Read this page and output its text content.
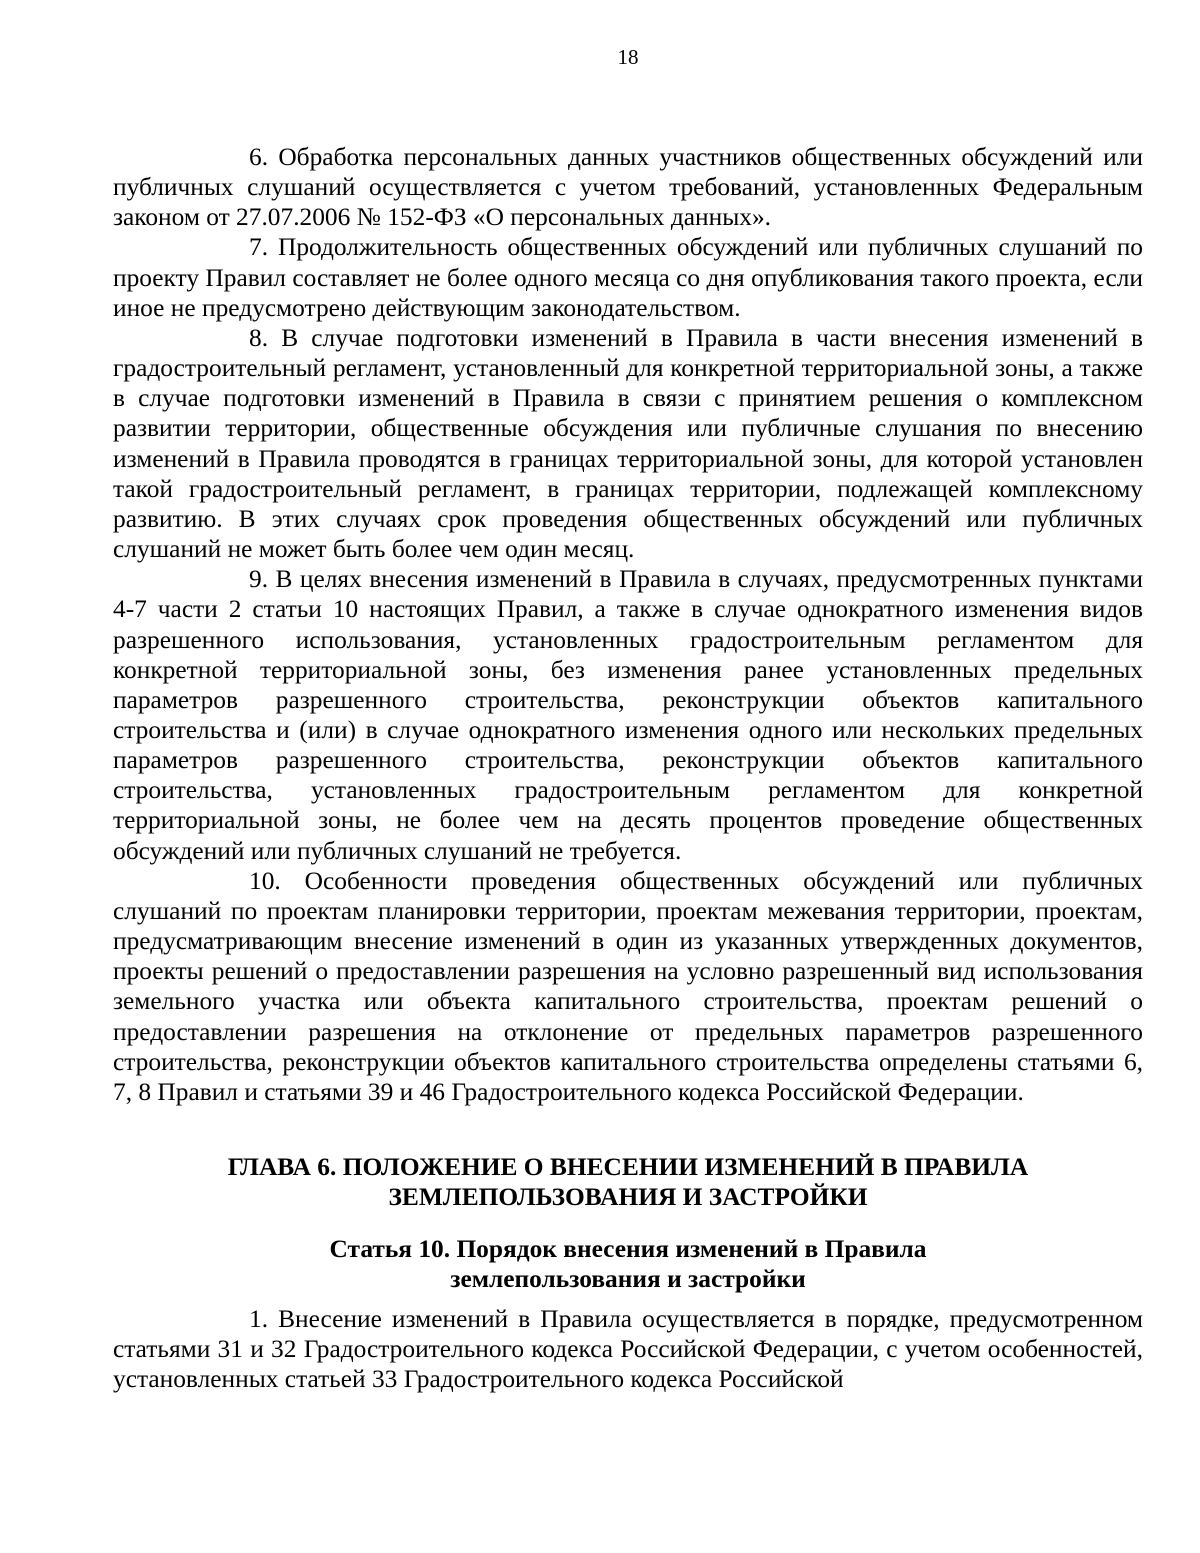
18

6. Обработка персональных данных участников общественных обсуждений или публичных слушаний осуществляется с учетом требований, установленных Федеральным законом от 27.07.2006 № 152-ФЗ «О персональных данных».

7. Продолжительность общественных обсуждений или публичных слушаний по проекту Правил составляет не более одного месяца со дня опубликования такого проекта, если иное не предусмотрено действующим законодательством.

8. В случае подготовки изменений в Правила в части внесения изменений в градостроительный регламент, установленный для конкретной территориальной зоны, а также в случае подготовки изменений в Правила в связи с принятием решения о комплексном развитии территории, общественные обсуждения или публичные слушания по внесению изменений в Правила проводятся в границах территориальной зоны, для которой установлен такой градостроительный регламент, в границах территории, подлежащей комплексному развитию. В этих случаях срок проведения общественных обсуждений или публичных слушаний не может быть более чем один месяц.

9. В целях внесения изменений в Правила в случаях, предусмотренных пунктами 4-7 части 2 статьи 10 настоящих Правил, а также в случае однократного изменения видов разрешенного использования, установленных градостроительным регламентом для конкретной территориальной зоны, без изменения ранее установленных предельных параметров разрешенного строительства, реконструкции объектов капитального строительства и (или) в случае однократного изменения одного или нескольких предельных параметров разрешенного строительства, реконструкции объектов капитального строительства, установленных градостроительным регламентом для конкретной территориальной зоны, не более чем на десять процентов проведение общественных обсуждений или публичных слушаний не требуется.

10. Особенности проведения общественных обсуждений или публичных слушаний по проектам планировки территории, проектам межевания территории, проектам, предусматривающим внесение изменений в один из указанных утвержденных документов, проекты решений о предоставлении разрешения на условно разрешенный вид использования земельного участка или объекта капитального строительства, проектам решений о предоставлении разрешения на отклонение от предельных параметров разрешенного строительства, реконструкции объектов капитального строительства определены статьями 6, 7, 8 Правил и статьями 39 и 46 Градостроительного кодекса Российской Федерации.

ГЛАВА 6. ПОЛОЖЕНИЕ О ВНЕСЕНИИ ИЗМЕНЕНИЙ В ПРАВИЛА
ЗЕМЛЕПОЛЬЗОВАНИЯ И ЗАСТРОЙКИ
Статья 10. Порядок внесения изменений в Правила
землепользования и застройки

1. Внесение изменений в Правила осуществляется в порядке, предусмотренном статьями 31 и 32 Градостроительного кодекса Российской Федерации, с учетом особенностей, установленных статьей 33 Градостроительного кодекса Российской
